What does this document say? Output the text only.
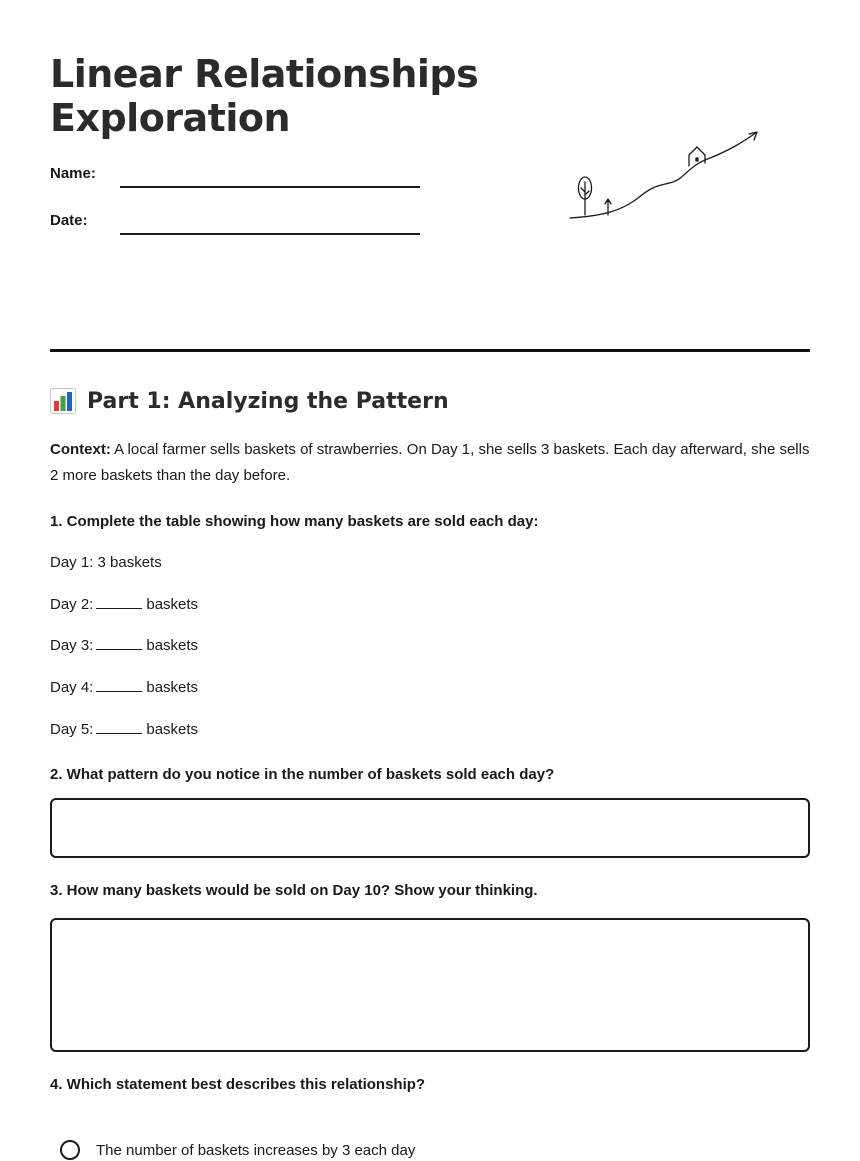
Linear Relationships
Exploration
Name:
Date:
Part 1: Analyzing the Pattern

Context: A local farmer sells baskets of strawberries. On Day 1, she sells 3 baskets. Each day afterward, she sells 2 more baskets than the day before.

1. Complete the table showing how many baskets are sold each day:

Day 1: 3 baskets

Day 2:	baskets

Day 3:	baskets

Day 4:	baskets

Day 5:	baskets

2. What pattern do you notice in the number of baskets sold each day?

3. How many baskets would be sold on Day 10? Show your thinking.

4. Which statement best describes this relationship?

The number of baskets increases by 3 each day
